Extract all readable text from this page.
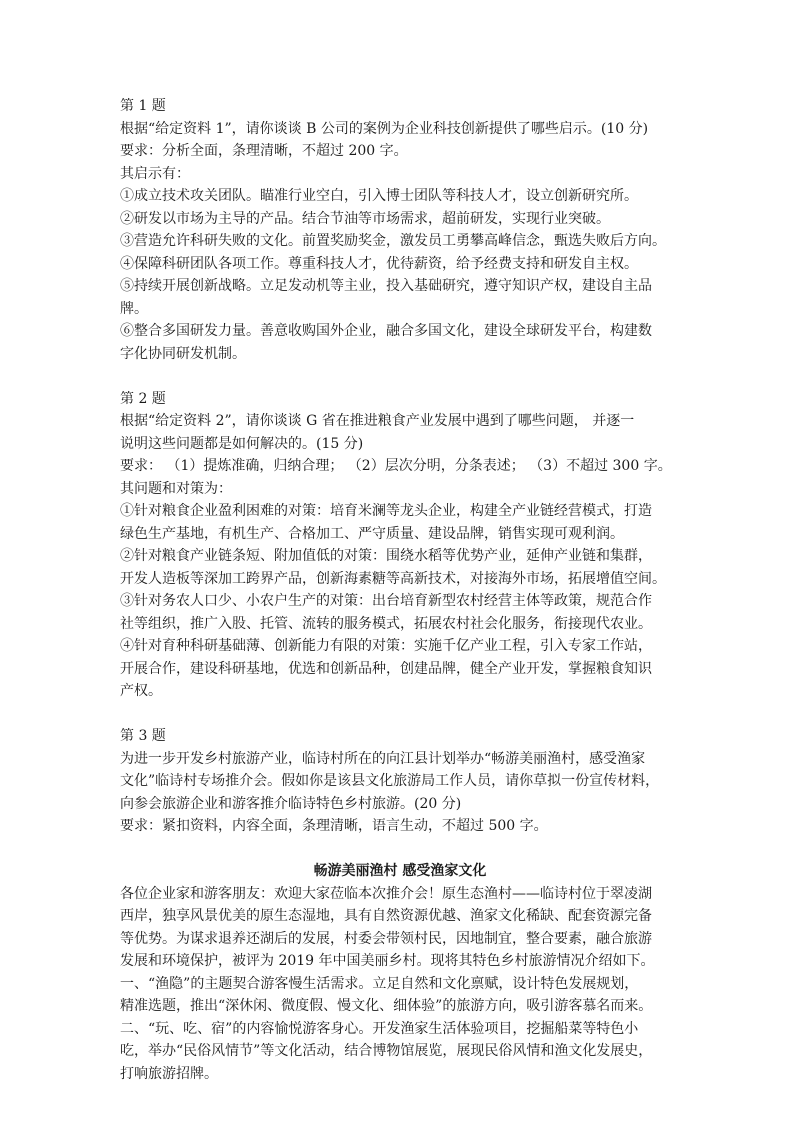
第 1 题
根据“给定资料 1”，请你谈谈 B 公司的案例为企业科技创新提供了哪些启示。(10 分)
要求：分析全面，条理清晰，不超过 200 字。
其启示有：
①成立技术攻关团队。瞄准行业空白，引入博士团队等科技人才，设立创新研究所。
②研发以市场为主导的产品。结合节油等市场需求，超前研发，实现行业突破。
③营造允许科研失败的文化。前置奖励奖金，激发员工勇攀高峰信念，甄选失败后方向。
④保障科研团队各项工作。尊重科技人才，优待薪资，给予经费支持和研发自主权。
⑤持续开展创新战略。立足发动机等主业，投入基础研究，遵守知识产权，建设自主品
牌。
⑥整合多国研发力量。善意收购国外企业，融合多国文化，建设全球研发平台，构建数
字化协同研发机制。
第 2 题
根据“给定资料 2”，请你谈谈 G 省在推进粮食产业发展中遇到了哪些问题， 并逐一
说明这些问题都是如何解决的。(15 分)
要求： （1）提炼准确，归纳合理； （2）层次分明，分条表述； （3）不超过 300 字。
其问题和对策为：
①针对粮食企业盈利困难的对策：培育米澜等龙头企业，构建全产业链经营模式，打造
绿色生产基地，有机生产、合格加工、严守质量、建设品牌，销售实现可观利润。
②针对粮食产业链条短、附加值低的对策：围绕水稻等优势产业，延伸产业链和集群，
开发人造板等深加工跨界产品，创新海素糖等高新技术，对接海外市场，拓展增值空间。
③针对务农人口少、小农户生产的对策：出台培育新型农村经营主体等政策，规范合作
社等组织，推广入股、托管、流转的服务模式，拓展农村社会化服务，衔接现代农业。
④针对育种科研基础薄、创新能力有限的对策：实施千亿产业工程，引入专家工作站，
开展合作，建设科研基地，优选和创新品种，创建品牌，健全产业开发，掌握粮食知识
产权。
第 3 题
为进一步开发乡村旅游产业，临诗村所在的向江县计划举办“畅游美丽渔村，感受渔家
文化”临诗村专场推介会。假如你是该县文化旅游局工作人员，请你草拟一份宣传材料，
向参会旅游企业和游客推介临诗特色乡村旅游。(20 分)
要求：紧扣资料，内容全面，条理清晰，语言生动，不超过 500 字。
畅游美丽渔村 感受渔家文化
各位企业家和游客朋友：欢迎大家莅临本次推介会！原生态渔村——临诗村位于翠凌湖
西岸，独享风景优美的原生态湿地，具有自然资源优越、渔家文化稀缺、配套资源完备
等优势。为谋求退养还湖后的发展，村委会带领村民，因地制宜，整合要素，融合旅游
发展和环境保护，被评为 2019 年中国美丽乡村。现将其特色乡村旅游情况介绍如下。
一、“渔隐”的主题契合游客慢生活需求。立足自然和文化禀赋，设计特色发展规划，
精准选题，推出“深休闲、微度假、慢文化、细体验”的旅游方向，吸引游客慕名而来。
二、“玩、吃、宿”的内容愉悦游客身心。开发渔家生活体验项目，挖掘船菜等特色小
吃，举办“民俗风情节”等文化活动，结合博物馆展览，展现民俗风情和渔文化发展史，
打响旅游招牌。
